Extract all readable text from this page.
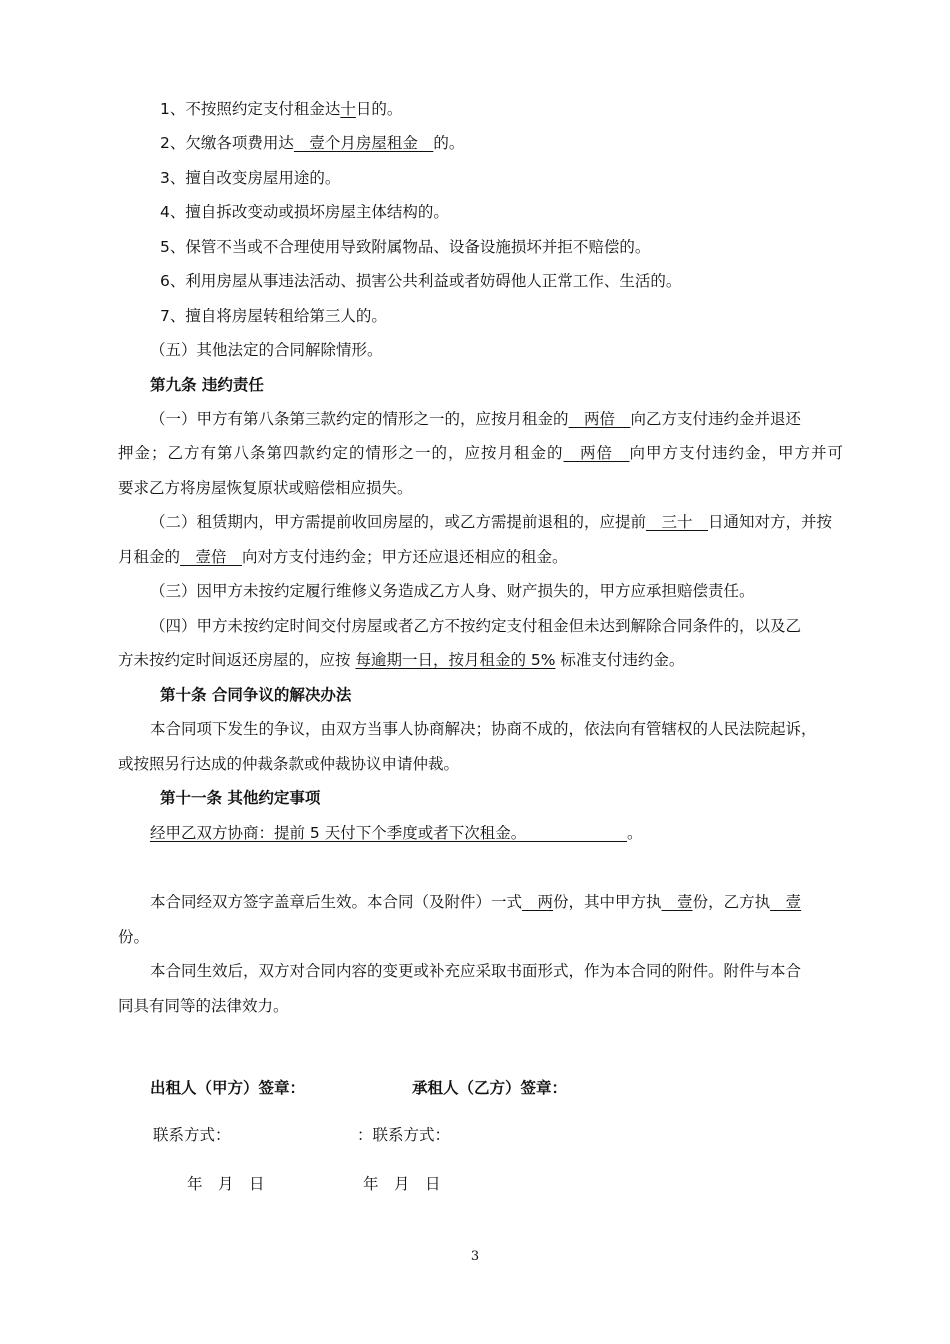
1、不按照约定支付租金达十日的。
2、欠缴各项费用达　壹个月房屋租金　的。
3、擅自改变房屋用途的。
4、擅自拆改变动或损坏房屋主体结构的。
5、保管不当或不合理使用导致附属物品、设备设施损坏并拒不赔偿的。
6、利用房屋从事违法活动、损害公共利益或者妨碍他人正常工作、生活的。
7、擅自将房屋转租给第三人的。
（五）其他法定的合同解除情形。
第九条 违约责任
（一）甲方有第八条第三款约定的情形之一的，应按月租金的　两倍　向乙方支付违约金并退还
押金；乙方有第八条第四款约定的情形之一的，应按月租金的　两倍　向甲方支付违约金，甲方并可
要求乙方将房屋恢复原状或赔偿相应损失。
（二）租赁期内，甲方需提前收回房屋的，或乙方需提前退租的，应提前　三十　日通知对方，并按
月租金的　壹倍　向对方支付违约金；甲方还应退还相应的租金。
（三）因甲方未按约定履行维修义务造成乙方人身、财产损失的，甲方应承担赔偿责任。
（四）甲方未按约定时间交付房屋或者乙方不按约定支付租金但未达到解除合同条件的，以及乙
方未按约定时间返还房屋的，应按 每逾期一日，按月租金的 5% 标准支付违约金。
第十条 合同争议的解决办法
本合同项下发生的争议，由双方当事人协商解决；协商不成的，依法向有管辖权的人民法院起诉，
或按照另行达成的仲裁条款或仲裁协议申请仲裁。
第十一条 其他约定事项
经甲乙双方协商：提前 5 天付下个季度或者下次租金。　　　　　　　。
本合同经双方签字盖章后生效。本合同（及附件）一式　两份，其中甲方执　壹份，乙方执　壹
份。
本合同生效后，双方对合同内容的变更或补充应采取书面形式，作为本合同的附件。附件与本合
同具有同等的法律效力。
出租人（甲方）签章：	承租人（乙方）签章：
联系方式：	：联系方式：
年　月　日	年　月　日
3
